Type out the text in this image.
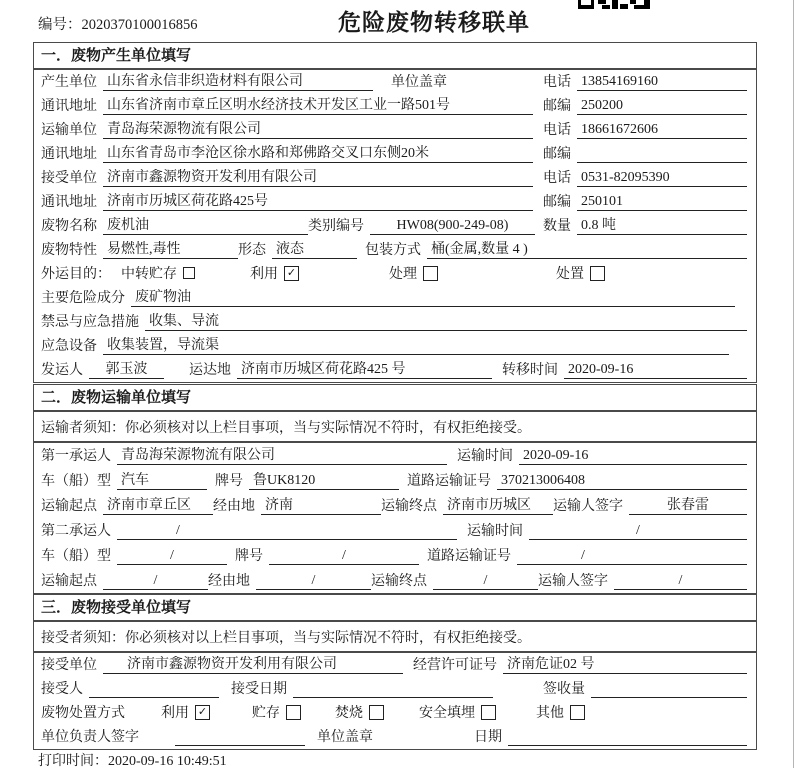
编号：2020370100016856	危险废物转移联单
一．废物产生单位填写
产生单位 山东省永信非织造材料有限公司	单位盖章	电话 13854169160
通讯地址 山东省济南市章丘区明水经济技术开发区工业一路501号	邮编 250200
运输单位 青岛海荣源物流有限公司	电话 18661672606
通讯地址 山东省青岛市李沧区徐水路和郑佛路交叉口东侧20米	邮编
接受单位 济南市鑫源物资开发利用有限公司	电话 0531-82095390
通讯地址 济南市历城区荷花路425号	邮编 250101
废物名称 废机油	类别编号	HW08(900-249-08)	数量 0.8 吨
废物特性 易燃性,毒性	形态 液态	包装方式 桶(金属,数量 4 )
外运目的： 中转贮存	利用 ✓	处理	处置
主要危险成分 废矿物油
禁忌与应急措施 收集、导流
应急设备 收集装置，导流渠
发运人	郭玉波	运达地 济南市历城区荷花路425 号	转移时间 2020-09-16
二．废物运输单位填写
运输者须知： 你必须核对以上栏目事项，当与实际情况不符时，有权拒绝接受。
第一承运人 青岛海荣源物流有限公司	运输时间 2020-09-16
车（船）型 汽车	牌号 鲁UK8120	道路运输证号 370213006408
运输起点 济南市章丘区	经由地 济南	运输终点 济南市历城区	运输人签字	张春雷
第二承运人	/	运输时间	/
车（船）型	/	牌号	/	道路运输证号	/
运输起点	/	经由地	/	运输终点	/	运输人签字	/
三．废物接受单位填写
接受者须知： 你必须核对以上栏目事项，当与实际情况不符时，有权拒绝接受。
接受单位	济南市鑫源物资开发利用有限公司	经营许可证号 济南危证02 号
接受人	接受日期	签收量
废物处置方式	利用 ✓	贮存	焚烧	安全填埋	其他
单位负责人签字	单位盖章	日期
打印时间：2020-09-16 10:49:51
